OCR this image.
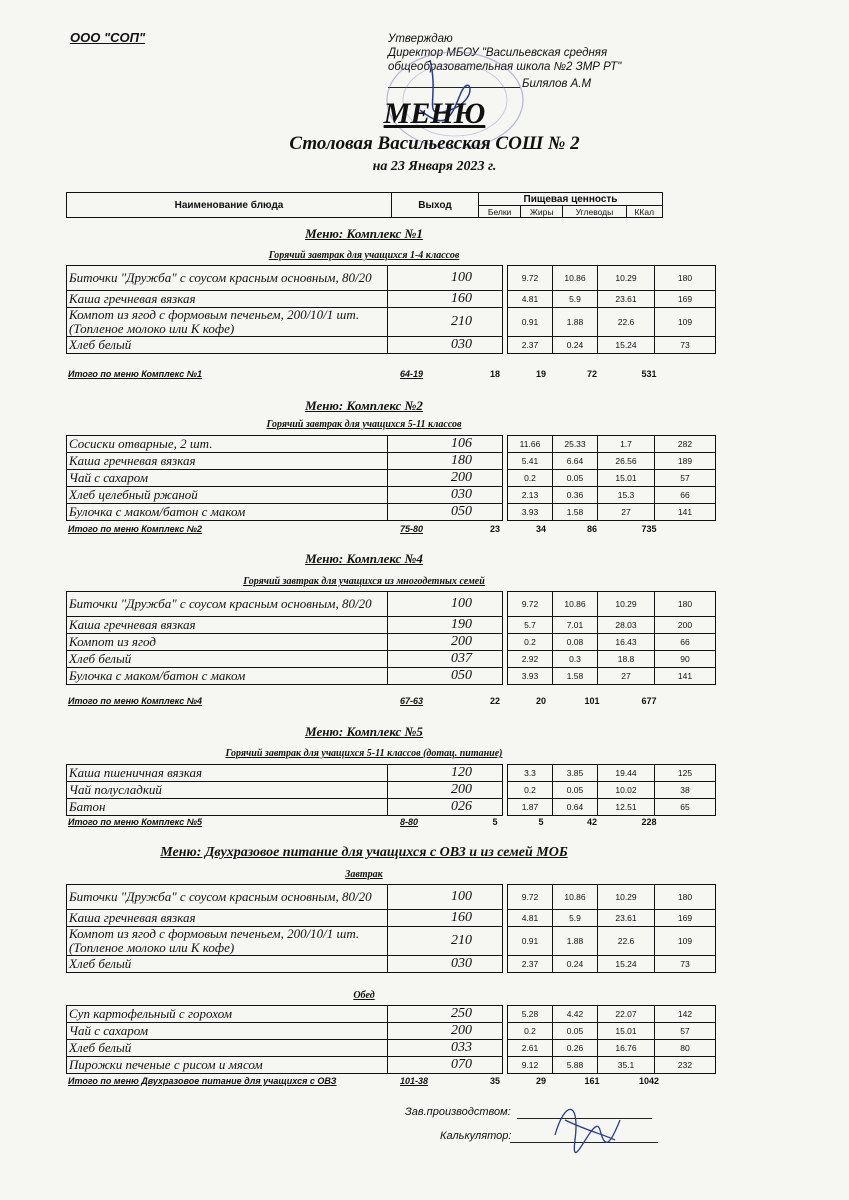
ООО "СОП"	Утверждаю
Директор МБОУ "Васильевская средняя
общеобразовательная школа №2 ЗМР РТ"
Билялов А.М
МЕНЮ
Столовая Васильевская СОШ № 2
на 23 Января 2023 г.
Наименование блюда	Выход	Пищевая ценность			
		Белки	Жиры	Углеводы	ККал
Меню: Комплекс №1
Горячий завтрак для учащихся 1-4 классов
Биточки "Дружба" с соусом красным основным, 80/20	100		9.72	10.86	10.29	180
Каша гречневая вязкая	160		4.81	5.9	23.61	169
Компот из ягод с формовым печеньем, 200/10/1 шт. (Топленое молоко или К кофе)	210		0.91	1.88	22.6	109
Хлеб белый	030		2.37	0.24	15.24	73
Итого по меню Комплекс №1	64-19	18	19	72	531
Меню: Комплекс №2
Горячий завтрак для учащихся 5-11 классов
Сосиски отварные, 2 шт.	106		11.66	25.33	1.7	282
Каша гречневая вязкая	180		5.41	6.64	26.56	189
Чай с сахаром	200		0.2	0.05	15.01	57
Хлеб целебный ржаной	030		2.13	0.36	15.3	66
Булочка с маком/батон с маком	050		3.93	1.58	27	141
Итого по меню Комплекс №2	75-80	23	34	86	735
Меню: Комплекс №4
Горячий завтрак для учащихся из многодетных семей
Биточки "Дружба" с соусом красным основным, 80/20	100		9.72	10.86	10.29	180
Каша гречневая вязкая	190		5.7	7.01	28.03	200
Компот из ягод	200		0.2	0.08	16.43	66
Хлеб белый	037		2.92	0.3	18.8	90
Булочка с маком/батон с маком	050		3.93	1.58	27	141
Итого по меню Комплекс №4	67-63	22	20	101	677
Меню: Комплекс №5
Горячий завтрак для учащихся 5-11 классов (дотац. питание)
Каша пшеничная вязкая	120		3.3	3.85	19.44	125
Чай полусладкий	200		0.2	0.05	10.02	38
Батон	026		1.87	0.64	12.51	65
Итого по меню Комплекс №5	8-80	5	5	42	228
Меню: Двухразовое питание для учащихся с ОВЗ и из семей МОБ
Завтрак
Биточки "Дружба" с соусом красным основным, 80/20	100		9.72	10.86	10.29	180
Каша гречневая вязкая	160		4.81	5.9	23.61	169
Компот из ягод с формовым печеньем, 200/10/1 шт. (Топленое молоко или К кофе)	210		0.91	1.88	22.6	109
Хлеб белый	030		2.37	0.24	15.24	73
Обед
Суп картофельный с горохом	250		5.28	4.42	22.07	142
Чай с сахаром	200		0.2	0.05	15.01	57
Хлеб белый	033		2.61	0.26	16.76	80
Пирожки печеные с рисом и мясом	070		9.12	5.88	35.1	232
Итого по меню Двухразовое питание для учащихся с ОВЗ	101-38	35	29	161	1042
Зав.производством:
Калькулятор:
